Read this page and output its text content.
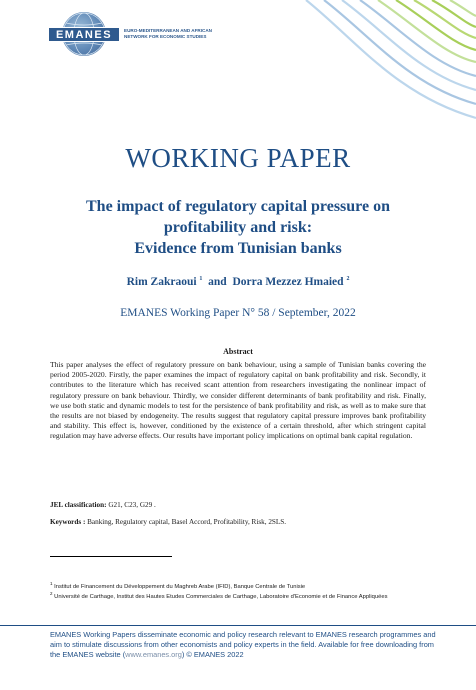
EMANES	EURO-MEDITERRANEAN AND AFRICAN
NETWORK FOR ECONOMIC STUDIES
WORKING PAPER
The impact of regulatory capital pressure on
profitability and risk:
Evidence from Tunisian banks
Rim Zakraoui $^1$ and Dorra Mezzez Hmaied $^2$
EMANES Working Paper N° 58 / September, 2022
Abstract
This paper analyses the effect of regulatory pressure on bank behaviour, using a sample of Tunisian banks covering the period 2005-2020. Firstly, the paper examines the impact of regulatory capital on bank profitability and risk. Secondly, it contributes to the literature which has received scant attention from researchers investigating the nonlinear impact of regulatory pressure on bank behaviour. Thirdly, we consider different determinants of bank profitability and risk. Finally, we use both static and dynamic models to test for the persistence of bank profitability and risk, as well as to make sure that the results are not biased by endogeneity. The results suggest that regulatory capital pressure improves bank profitability and stability. This effect is, however, conditioned by the existence of a certain threshold, after which stringent capital regulation may have adverse effects. Our results have important policy implications on optimal bank capital regulation.
JEL classification: G21, C23, G29 .
Keywords : Banking, Regulatory capital, Basel Accord, Profitability, Risk, 2SLS.
$^1$ Institut de Financement du Développement du Maghreb Arabe (IFID), Banque Centrale de Tunisie
$^2$ Université de Carthage, Institut des Hautes Etudes Commerciales de Carthage, Laboratoire d'Economie et de Finance Appliquées
EMANES Working Papers disseminate economic and policy research relevant to EMANES research programmes and aim to stimulate discussions from other economists and policy experts in the field. Available for free downloading from the EMANES website (www.emanes.org) © EMANES 2022
